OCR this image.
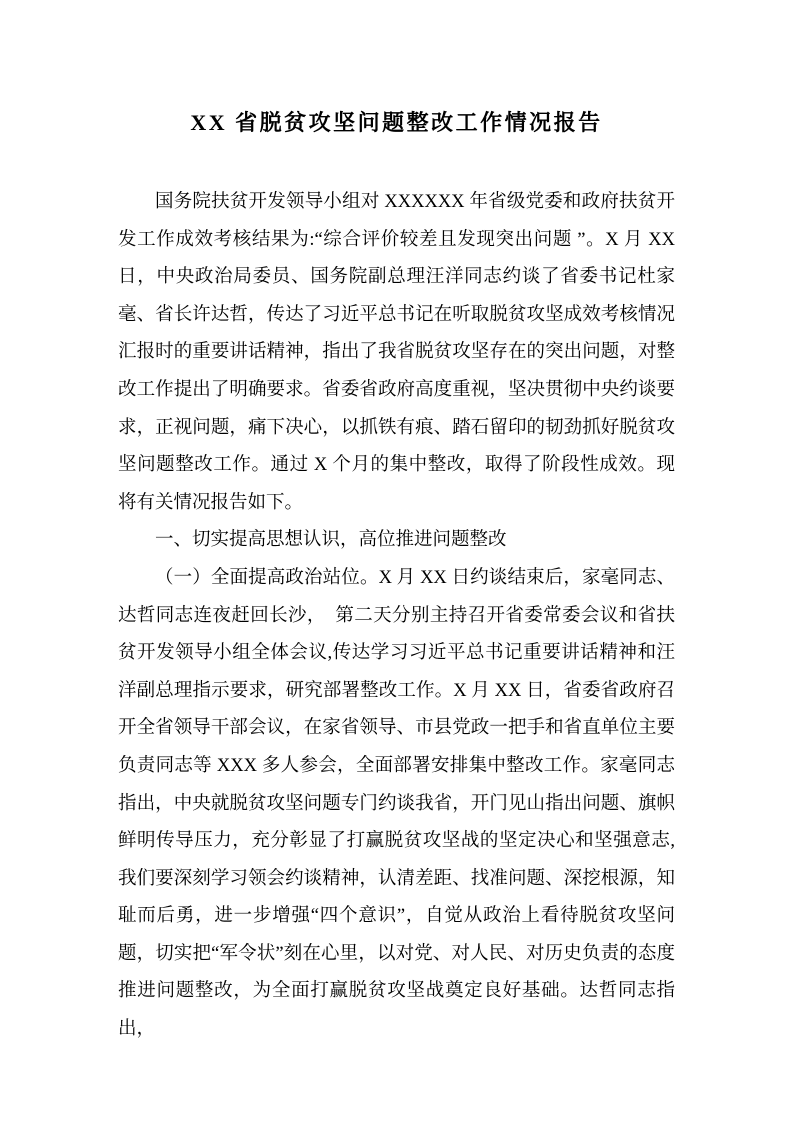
XX 省脱贫攻坚问题整改工作情况报告

国务院扶贫开发领导小组对 XXXXXX 年省级党委和政府扶贫开发工作成效考核结果为:“综合评价较差且发现突出问题 ”。X 月 XX 日，中央政治局委员、国务院副总理汪洋同志约谈了省委书记杜家毫、省长许达哲，传达了习近平总书记在听取脱贫攻坚成效考核情况汇报时的重要讲话精神，指出了我省脱贫攻坚存在的突出问题，对整改工作提出了明确要求。省委省政府高度重视，坚决贯彻中央约谈要求，正视问题，痛下决心，以抓铁有痕、踏石留印的韧劲抓好脱贫攻坚问题整改工作。通过 X 个月的集中整改，取得了阶段性成效。现将有关情况报告如下。

一、切实提高思想认识，高位推进问题整改

（一）全面提高政治站位。X 月 XX 日约谈结束后，家毫同志、达哲同志连夜赶回长沙，　第二天分别主持召开省委常委会议和省扶贫开发领导小组全体会议,传达学习习近平总书记重要讲话精神和汪洋副总理指示要求，研究部署整改工作。X 月 XX 日，省委省政府召开全省领导干部会议，在家省领导、市县党政一把手和省直单位主要负责同志等 XXX 多人参会，全面部署安排集中整改工作。家毫同志指出，中央就脱贫攻坚问题专门约谈我省，开门见山指出问题、旗帜鲜明传导压力，充分彰显了打赢脱贫攻坚战的坚定决心和坚强意志,我们要深刻学习领会约谈精神，认清差距、找准问题、深挖根源，知耻而后勇，进一步增强“四个意识”，自觉从政治上看待脱贫攻坚问题，切实把“军令状”刻在心里，以对党、对人民、对历史负责的态度推进问题整改，为全面打赢脱贫攻坚战奠定良好基础。达哲同志指出，
